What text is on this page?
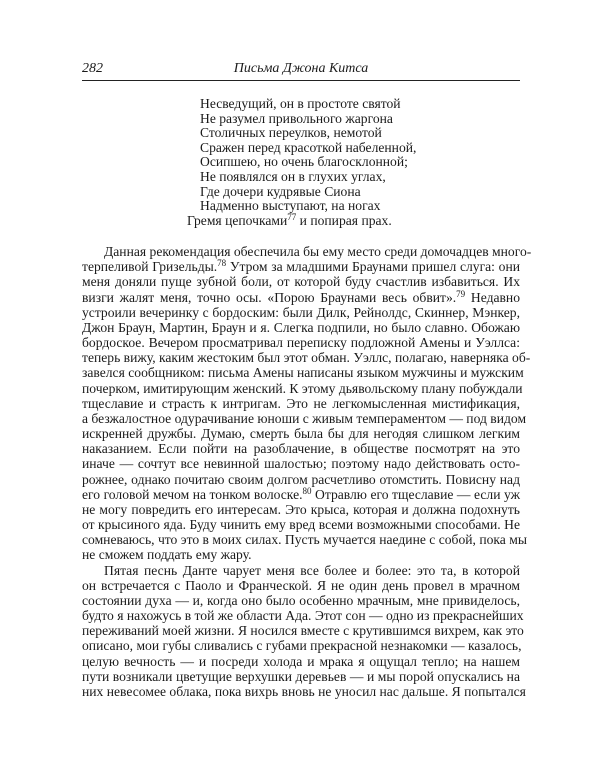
282	Письма Джона Китса
Несведущий, он в простоте святой
Не разумел привольного жаргона
Столичных переулков, немотой
Сражен перед красоткой набеленной,
Осипшею, но очень благосклонной;
Не появлялся он в глухих углах,
Где дочери кудрявые Сиона
Надменно выступают, на ногах
Гремя цепочками$^{77}$ и попирая прах.
Данная рекомендация обеспечила бы ему место среди домочадцев много-
терпеливой Гризельды.$^{78}$ Утром за младшими Браунами пришел слуга: они
меня доняли пуще зубной боли, от которой буду счастлив избавиться. Их
визги жалят меня, точно осы. «Порою Браунами весь обвит».$^{79}$ Недавно
устроили вечеринку с бордоским: были Дилк, Рейнолдс, Скиннер, Мэнкер,
Джон Браун, Мартин, Браун и я. Слегка подпили, но было славно. Обожаю
бордоское. Вечером просматривал переписку подложной Амены и Уэллса:
теперь вижу, каким жестоким был этот обман. Уэллс, полагаю, наверняка об-
завелся сообщником: письма Амены написаны языком мужчины и мужским
почерком, имитирующим женский. К этому дьявольскому плану побуждали
тщеславие и страсть к интригам. Это не легкомысленная мистификация,
а безжалостное одурачивание юноши с живым темпераментом — под видом
искренней дружбы. Думаю, смерть была бы для негодяя слишком легким
наказанием. Если пойти на разоблачение, в обществе посмотрят на это
иначе — сочтут все невинной шалостью; поэтому надо действовать осто-
рожнее, однако почитаю своим долгом расчетливо отомстить. Повисну над
его головой мечом на тонком волоске.$^{80}$ Отравлю его тщеславие — если уж
не могу повредить его интересам. Это крыса, которая и должна подохнуть
от крысиного яда. Буду чинить ему вред всеми возможными способами. Не
сомневаюсь, что это в моих силах. Пусть мучается наедине с собой, пока мы
не сможем поддать ему жару.
Пятая песнь Данте чарует меня все более и более: это та, в которой
он встречается с Паоло и Франческой. Я не один день провел в мрачном
состоянии духа — и, когда оно было особенно мрачным, мне привиделось,
будто я нахожусь в той же области Ада. Этот сон — одно из прекраснейших
переживаний моей жизни. Я носился вместе с крутившимся вихрем, как это
описано, мои губы сливались с губами прекрасной незнакомки — казалось,
целую вечность — и посреди холода и мрака я ощущал тепло; на нашем
пути возникали цветущие верхушки деревьев — и мы порой опускались на
них невесомее облака, пока вихрь вновь не уносил нас дальше. Я попытался
